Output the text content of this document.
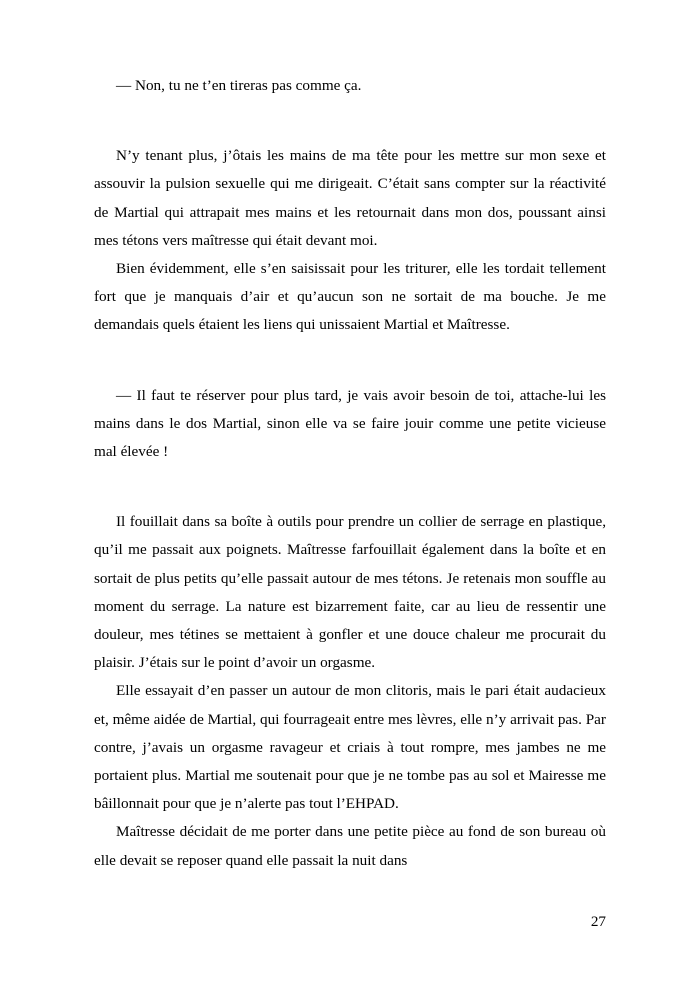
— Non, tu ne t’en tireras pas comme ça.

N’y tenant plus, j’ôtais les mains de ma tête pour les mettre sur mon sexe et assouvir la pulsion sexuelle qui me dirigeait. C’était sans compter sur la réactivité de Martial qui attrapait mes mains et les retournait dans mon dos, poussant ainsi mes tétons vers maîtresse qui était devant moi.

Bien évidemment, elle s’en saisissait pour les triturer, elle les tordait tellement fort que je manquais d’air et qu’aucun son ne sortait de ma bouche. Je me demandais quels étaient les liens qui unissaient Martial et Maîtresse.

— Il faut te réserver pour plus tard, je vais avoir besoin de toi, attache-lui les mains dans le dos Martial, sinon elle va se faire jouir comme une petite vicieuse mal élevée !

Il fouillait dans sa boîte à outils pour prendre un collier de serrage en plastique, qu’il me passait aux poignets. Maîtresse farfouillait également dans la boîte et en sortait de plus petits qu’elle passait autour de mes tétons. Je retenais mon souffle au moment du serrage. La nature est bizarrement faite, car au lieu de ressentir une douleur, mes tétines se mettaient à gonfler et une douce chaleur me procurait du plaisir. J’étais sur le point d’avoir un orgasme.

Elle essayait d’en passer un autour de mon clitoris, mais le pari était audacieux et, même aidée de Martial, qui fourrageait entre mes lèvres, elle n’y arrivait pas. Par contre, j’avais un orgasme ravageur et criais à tout rompre, mes jambes ne me portaient plus. Martial me soutenait pour que je ne tombe pas au sol et Mairesse me bâillonnait pour que je n’alerte pas tout l’EHPAD.

Maîtresse décidait de me porter dans une petite pièce au fond de son bureau où elle devait se reposer quand elle passait la nuit dans

27
